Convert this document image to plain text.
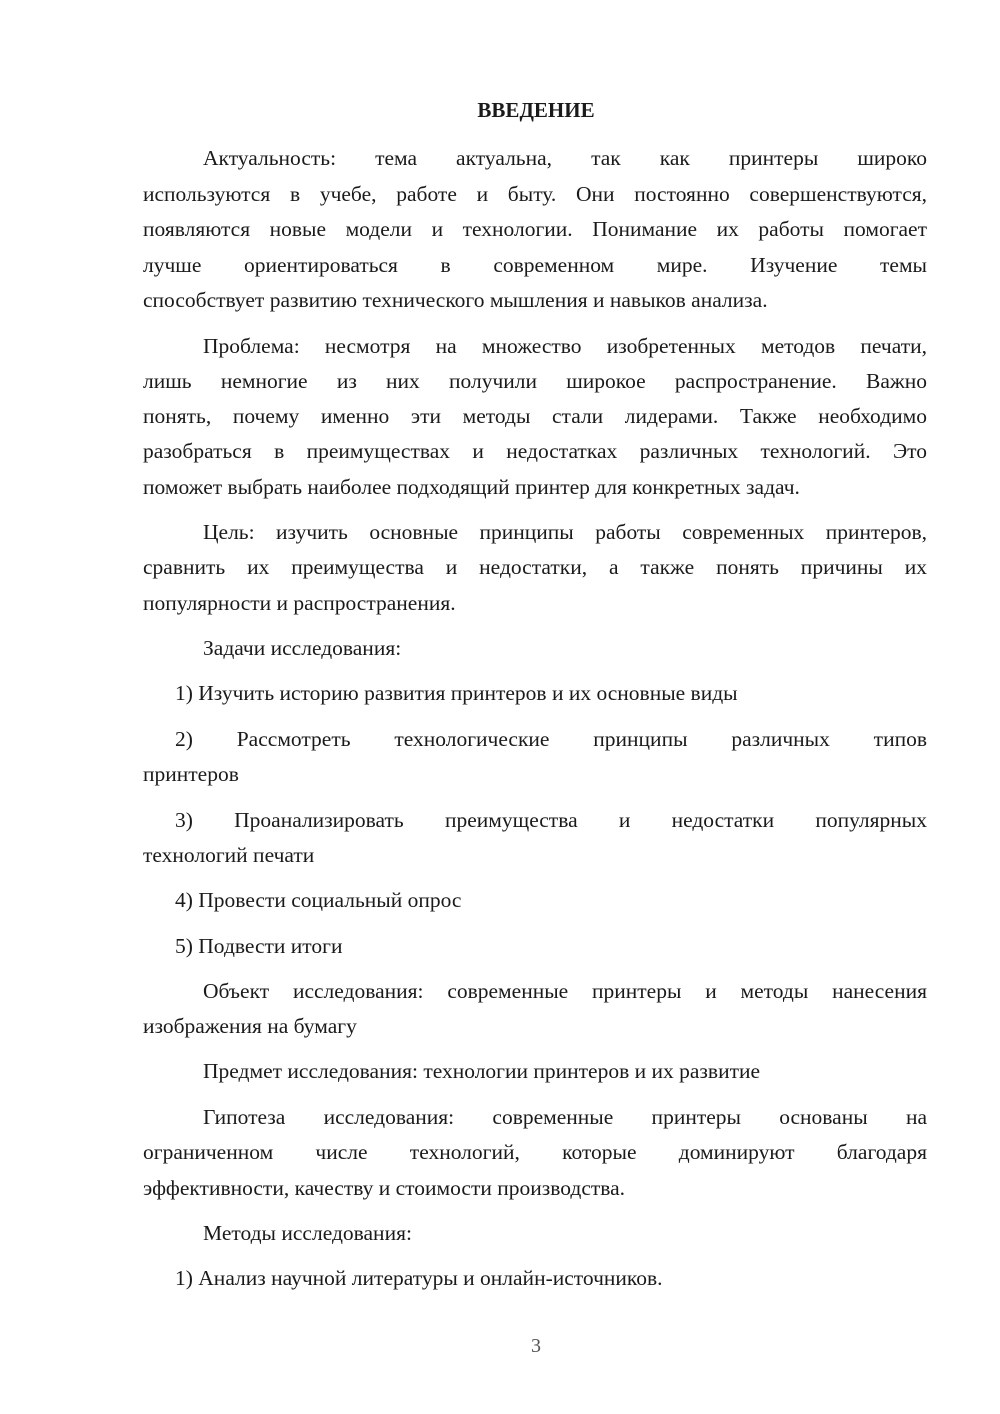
ВВЕДЕНИЕ
Актуальность: тема актуальна, так как принтеры широко
используются в учебе, работе и быту. Они постоянно совершенствуются,
появляются новые модели и технологии. Понимание их работы помогает
лучше ориентироваться в современном мире. Изучение темы
способствует развитию технического мышления и навыков анализа.
Проблема: несмотря на множество изобретенных методов печати,
лишь немногие из них получили широкое распространение. Важно
понять, почему именно эти методы стали лидерами. Также необходимо
разобраться в преимуществах и недостатках различных технологий. Это
поможет выбрать наиболее подходящий принтер для конкретных задач.
Цель: изучить основные принципы работы современных принтеров,
сравнить их преимущества и недостатки, а также понять причины их
популярности и распространения.
Задачи исследования:
1) Изучить историю развития принтеров и их основные виды
2) Рассмотреть технологические принципы различных типов
принтеров
3) Проанализировать преимущества и недостатки популярных
технологий печати
4) Провести социальный опрос
5) Подвести итоги
Объект исследования: современные принтеры и методы нанесения
изображения на бумагу
Предмет исследования: технологии принтеров и их развитие
Гипотеза исследования: современные принтеры основаны на
ограниченном числе технологий, которые доминируют благодаря
эффективности, качеству и стоимости производства.
Методы исследования:
1) Анализ научной литературы и онлайн-источников.

3
